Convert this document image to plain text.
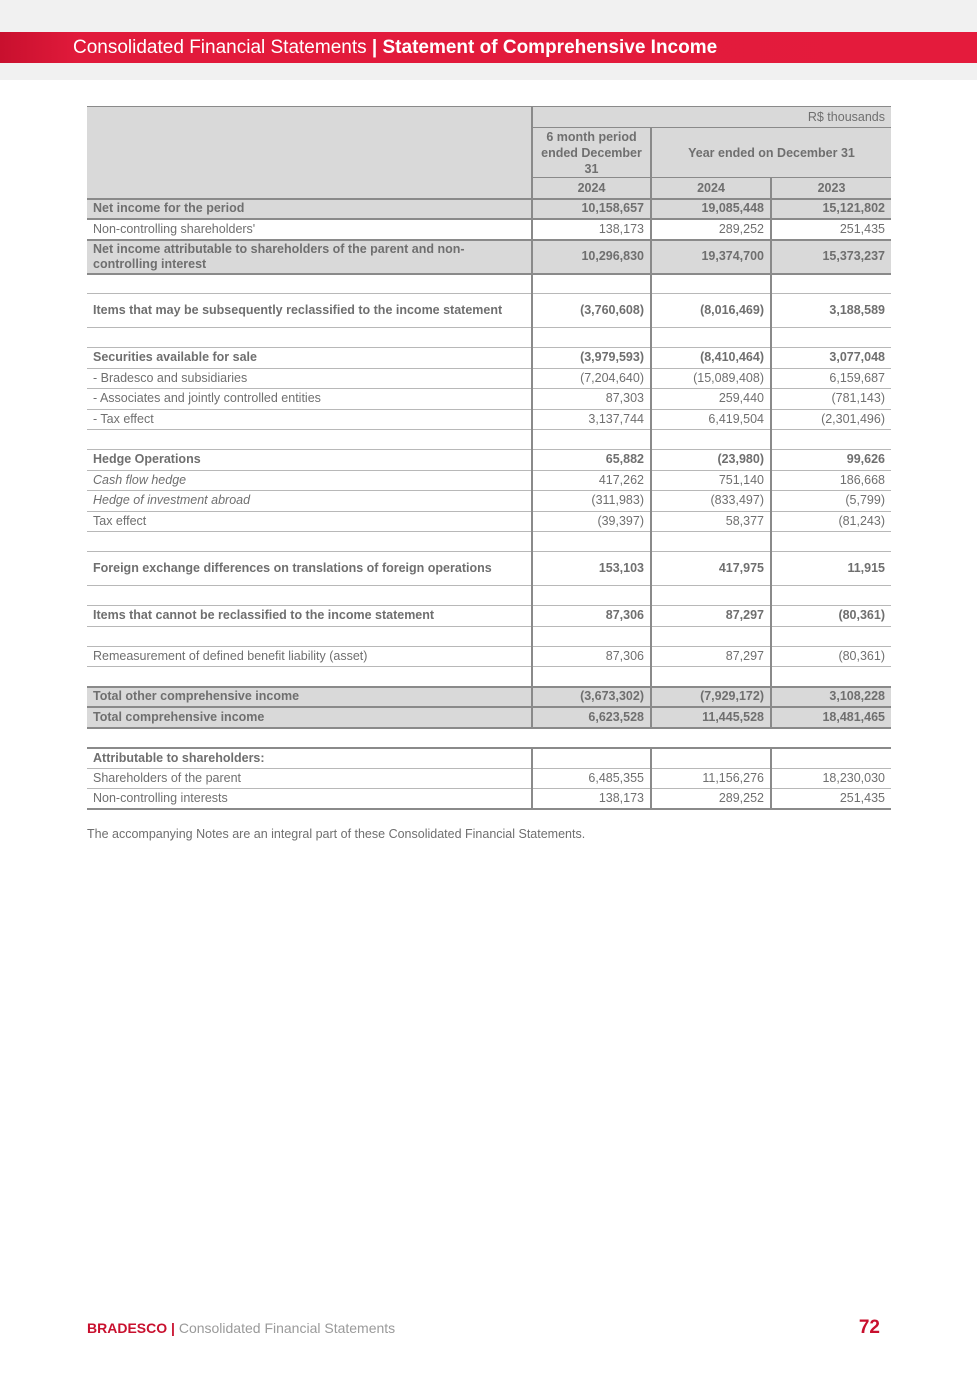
Consolidated Financial Statements | Statement of Comprehensive Income
	R$ thousands		
	6 month period ended December 31	Year ended on December 31	
	2024	2024	2023
Net income for the period	10,158,657	19,085,448	15,121,802
Non-controlling shareholders'	138,173	289,252	251,435
Net income attributable to shareholders of the parent and non-controlling interest	10,296,830	19,374,700	15,373,237

Items that may be subsequently reclassified to the income statement	(3,760,608)	(8,016,469)	3,188,589

Securities available for sale	(3,979,593)	(8,410,464)	3,077,048
- Bradesco and subsidiaries	(7,204,640)	(15,089,408)	6,159,687
- Associates and jointly controlled entities	87,303	259,440	(781,143)
- Tax effect	3,137,744	6,419,504	(2,301,496)

Hedge Operations	65,882	(23,980)	99,626
Cash flow hedge	417,262	751,140	186,668
Hedge of investment abroad	(311,983)	(833,497)	(5,799)
Tax effect	(39,397)	58,377	(81,243)

Foreign exchange differences on translations of foreign operations	153,103	417,975	11,915

Items that cannot be reclassified to the income statement	87,306	87,297	(80,361)

Remeasurement of defined benefit liability (asset)	87,306	87,297	(80,361)

Total other comprehensive income	(3,673,302)	(7,929,172)	3,108,228
Total comprehensive income	6,623,528	11,445,528	18,481,465

Attributable to shareholders:			
Shareholders of the parent	6,485,355	11,156,276	18,230,030
Non-controlling interests	138,173	289,252	251,435
The accompanying Notes are an integral part of these Consolidated Financial Statements.
BRADESCO | Consolidated Financial Statements	72
